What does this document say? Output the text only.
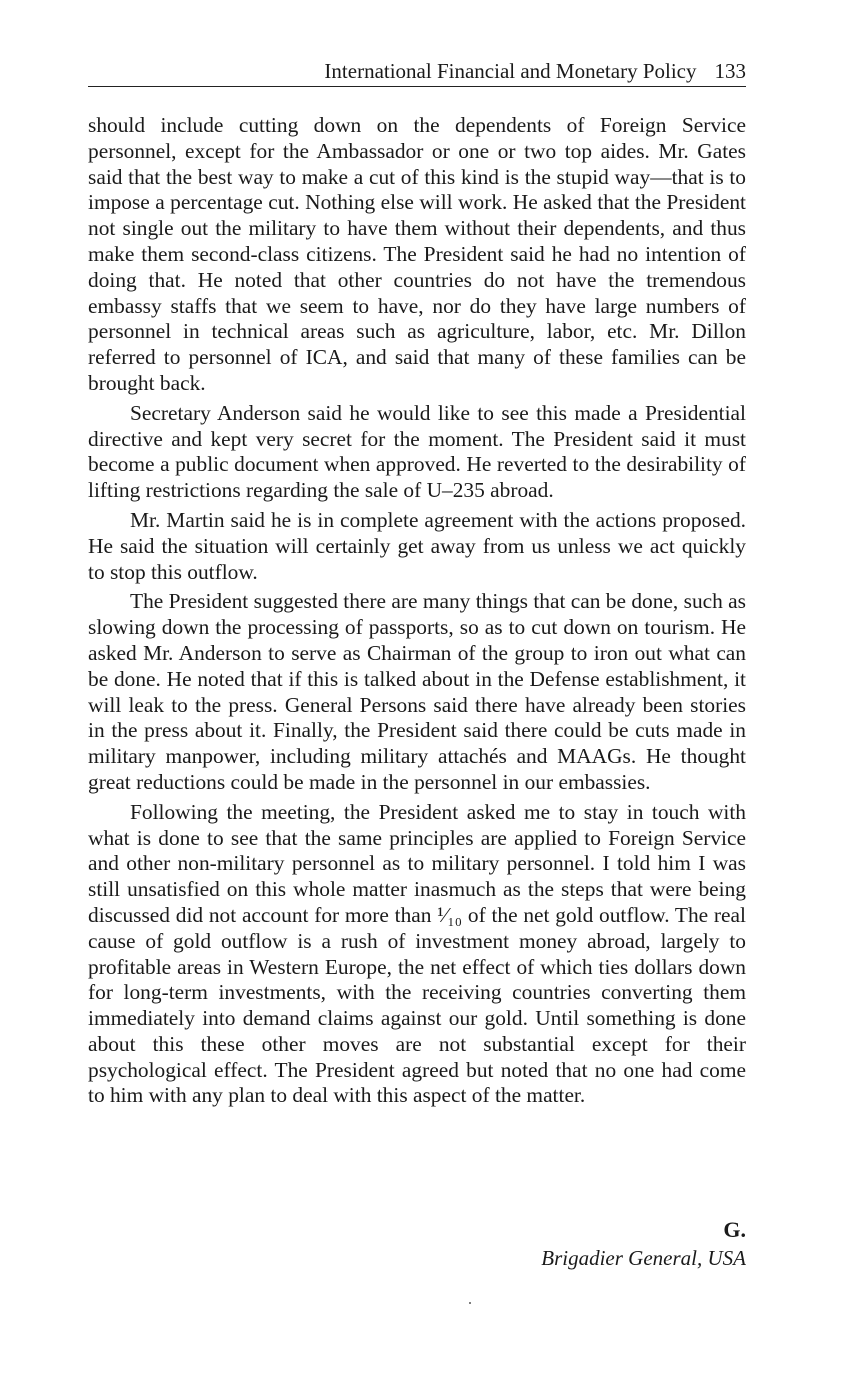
International Financial and Monetary Policy 133

should include cutting down on the dependents of Foreign Service personnel, except for the Ambassador or one or two top aides. Mr. Gates said that the best way to make a cut of this kind is the stupid way—that is to impose a percentage cut. Nothing else will work. He asked that the President not single out the military to have them without their dependents, and thus make them second-class citizens. The President said he had no intention of doing that. He noted that other countries do not have the tremendous embassy staffs that we seem to have, nor do they have large numbers of personnel in technical areas such as agriculture, labor, etc. Mr. Dillon referred to personnel of ICA, and said that many of these families can be brought back.

Secretary Anderson said he would like to see this made a Presidential directive and kept very secret for the moment. The President said it must become a public document when approved. He reverted to the desirability of lifting restrictions regarding the sale of U–235 abroad.

Mr. Martin said he is in complete agreement with the actions proposed. He said the situation will certainly get away from us unless we act quickly to stop this outflow.

The President suggested there are many things that can be done, such as slowing down the processing of passports, so as to cut down on tourism. He asked Mr. Anderson to serve as Chairman of the group to iron out what can be done. He noted that if this is talked about in the Defense establishment, it will leak to the press. General Persons said there have already been stories in the press about it. Finally, the President said there could be cuts made in military manpower, including military attachés and MAAGs. He thought great reductions could be made in the personnel in our embassies.

Following the meeting, the President asked me to stay in touch with what is done to see that the same principles are applied to Foreign Service and other non-military personnel as to military personnel. I told him I was still unsatisfied on this whole matter inasmuch as the steps that were being discussed did not account for more than ¹⁄₁₀ of the net gold outflow. The real cause of gold outflow is a rush of investment money abroad, largely to profitable areas in Western Europe, the net effect of which ties dollars down for long-term investments, with the receiving countries converting them immediately into demand claims against our gold. Until something is done about this these other moves are not substantial except for their psychological effect. The President agreed but noted that no one had come to him with any plan to deal with this aspect of the matter.

G.
Brigadier General, USA
